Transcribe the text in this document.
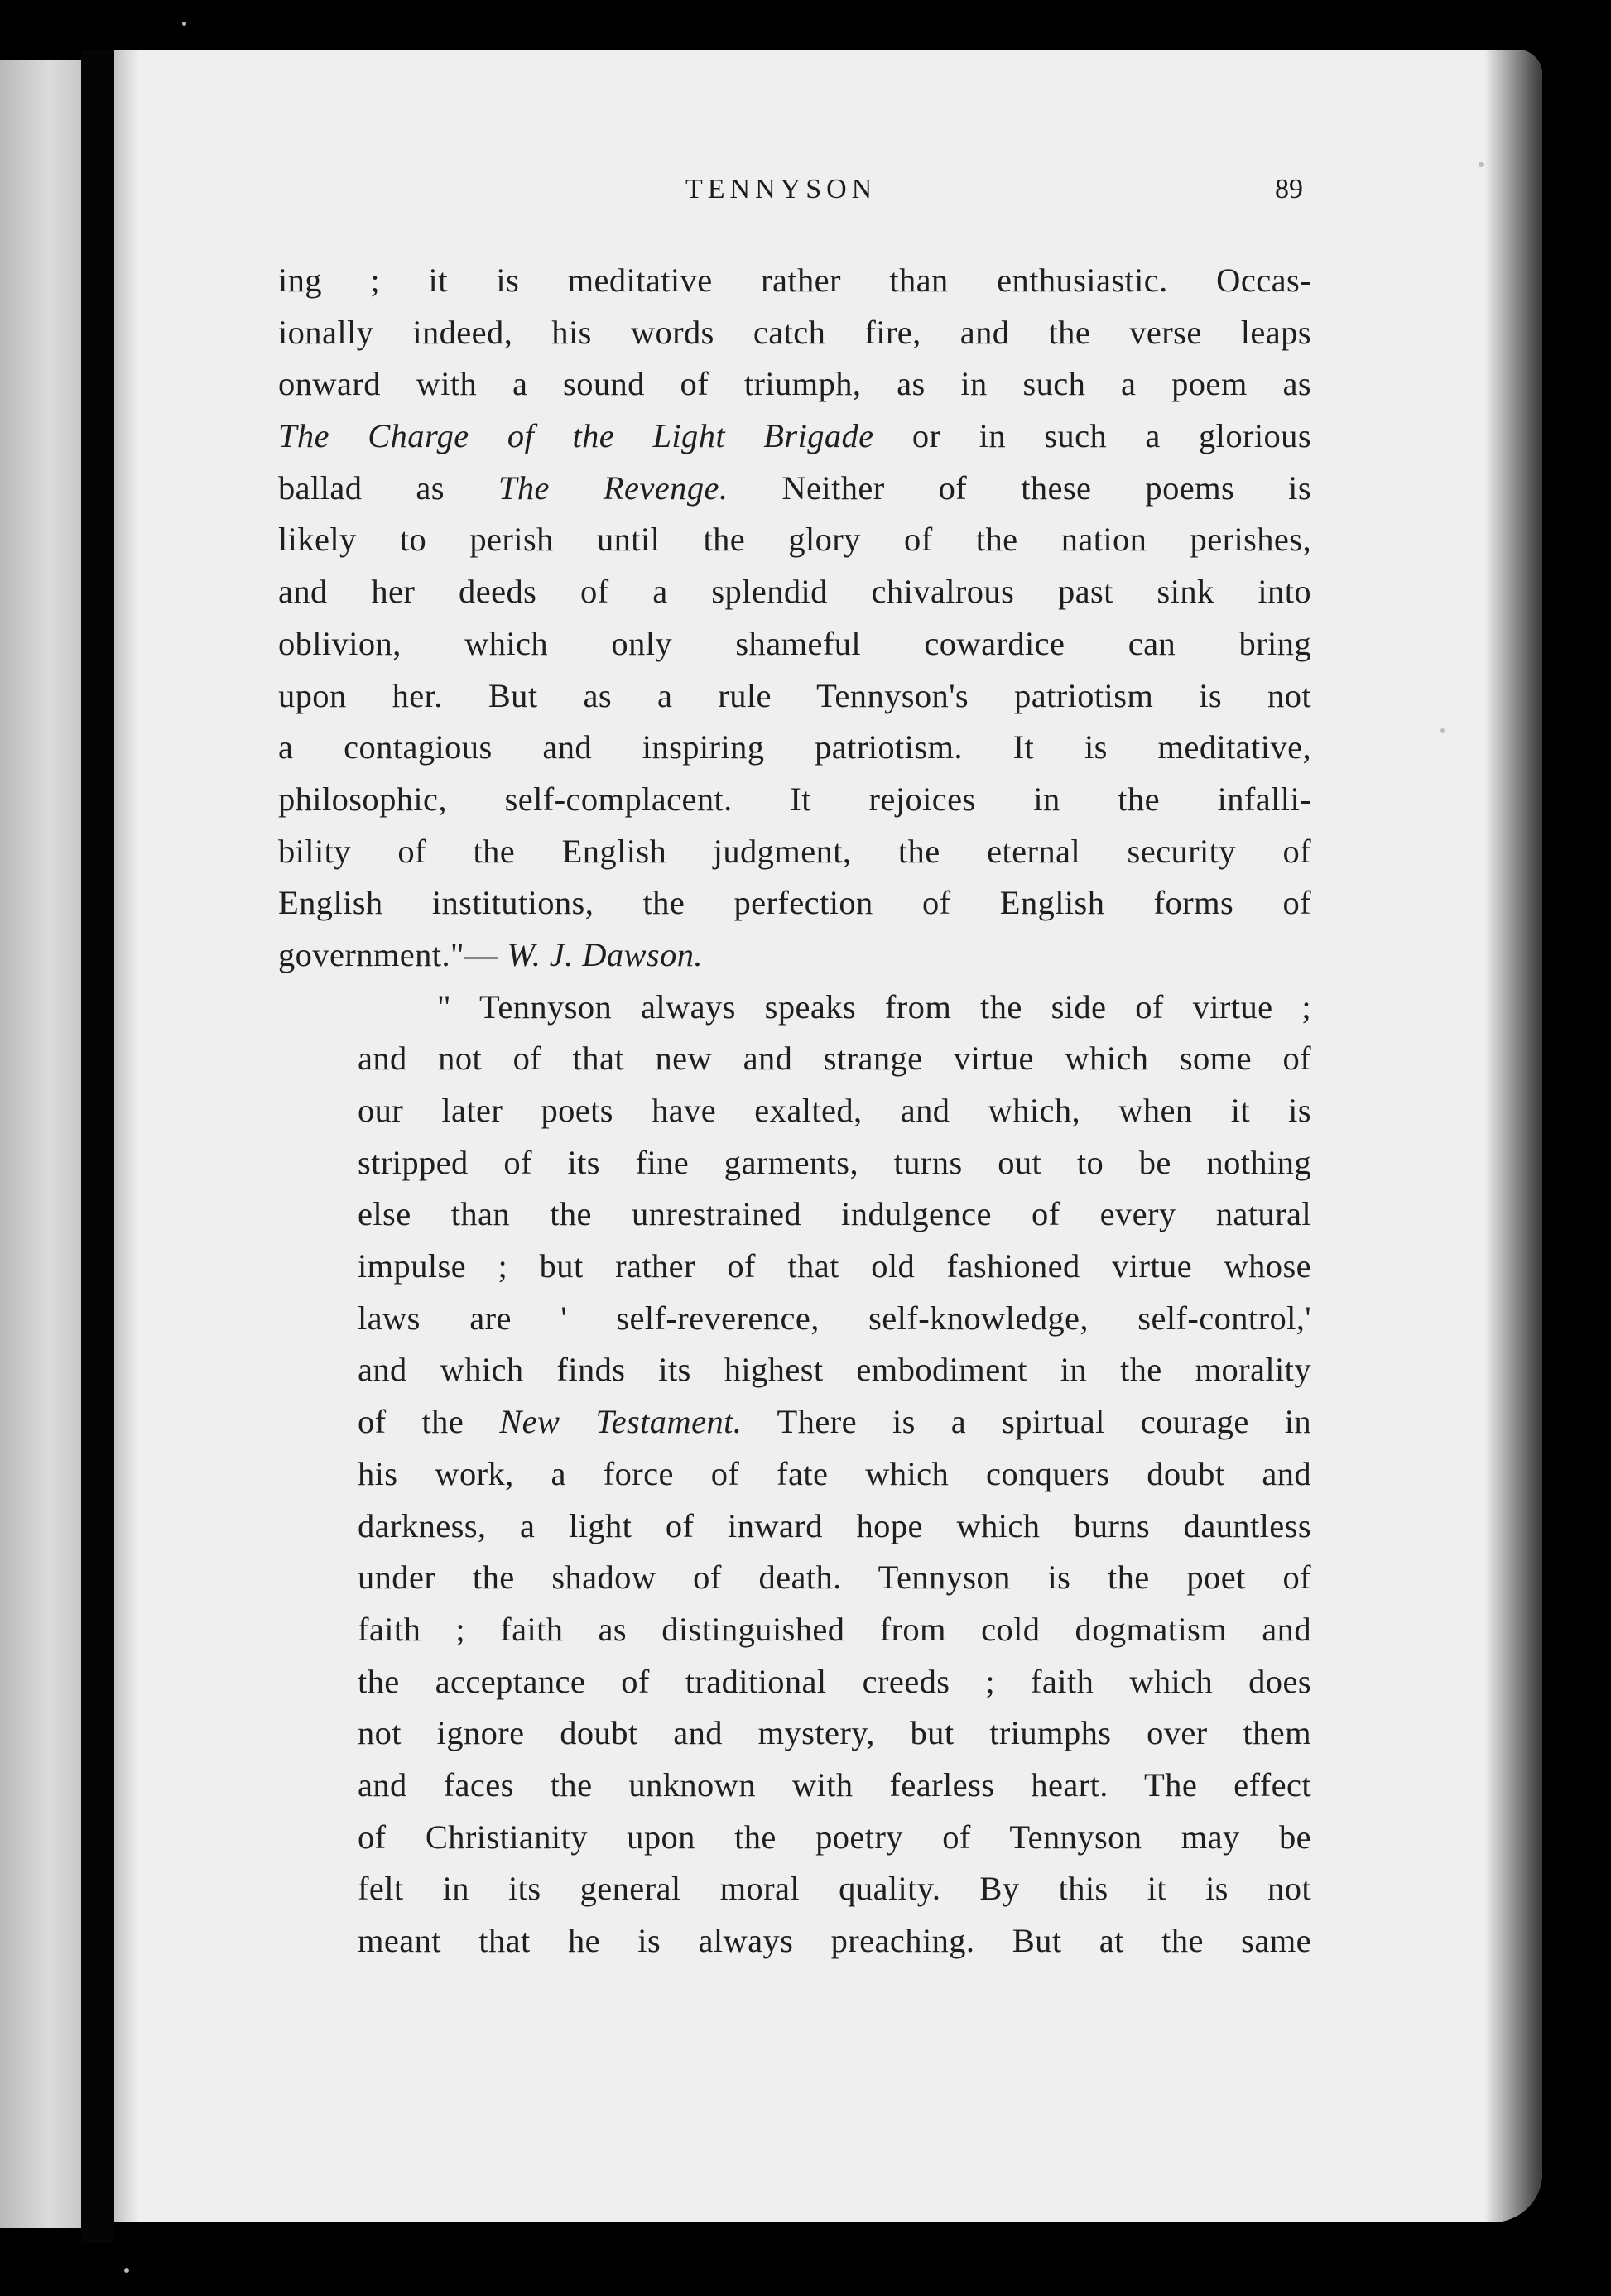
TENNYSON	89

ing ; it is meditative rather than enthusiastic. Occas-
ionally indeed, his words catch fire, and the verse leaps
onward with a sound of triumph, as in such a poem as
The Charge of the Light Brigade or in such a glorious
ballad as The Revenge. Neither of these poems is
likely to perish until the glory of the nation perishes,
and her deeds of a splendid chivalrous past sink into
oblivion, which only shameful cowardice can bring
upon her. But as a rule Tennyson's patriotism is not
a contagious and inspiring patriotism. It is meditative,
philosophic, self-complacent. It rejoices in the infalli-
bility of the English judgment, the eternal security of
English institutions, the perfection of English forms of
government."— W. J. Dawson.

" Tennyson always speaks from the side of virtue ;
and not of that new and strange virtue which some of
our later poets have exalted, and which, when it is
stripped of its fine garments, turns out to be nothing
else than the unrestrained indulgence of every natural
impulse ; but rather of that old fashioned virtue whose
laws are ' self-reverence, self-knowledge, self-control,'
and which finds its highest embodiment in the morality
of the New Testament. There is a spirtual courage in
his work, a force of fate which conquers doubt and
darkness, a light of inward hope which burns dauntless
under the shadow of death. Tennyson is the poet of
faith ; faith as distinguished from cold dogmatism and
the acceptance of traditional creeds ; faith which does
not ignore doubt and mystery, but triumphs over them
and faces the unknown with fearless heart. The effect
of Christianity upon the poetry of Tennyson may be
felt in its general moral quality. By this it is not
meant that he is always preaching. But at the same
